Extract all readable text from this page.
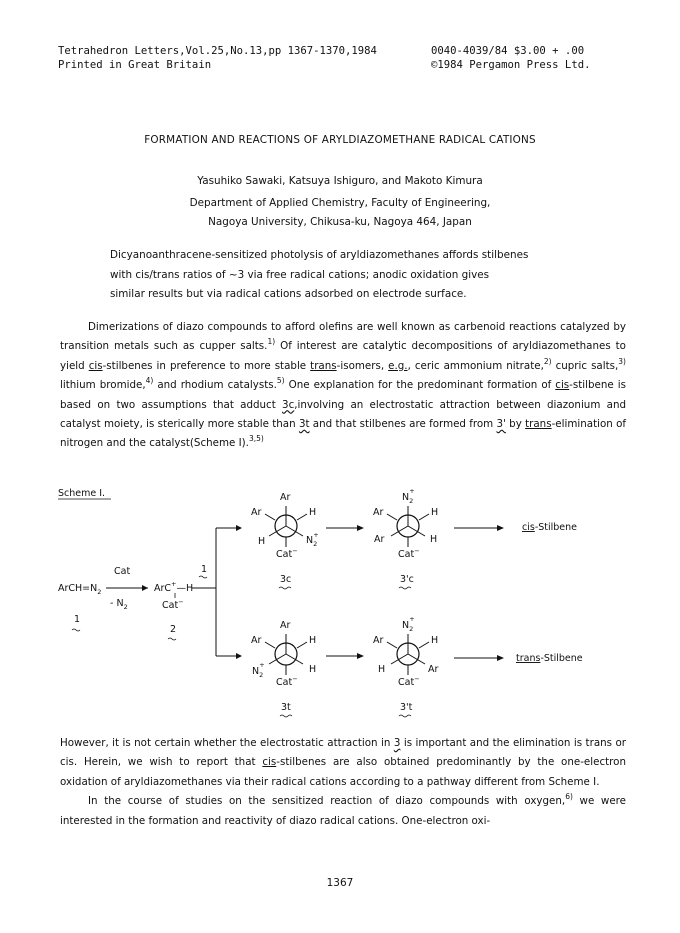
Tetrahedron Letters,Vol.25,No.13,pp 1367-1370,1984
Printed in Great Britain
0040-4039/84 $3.00 + .00
©1984 Pergamon Press Ltd.
FORMATION AND REACTIONS OF ARYLDIAZOMETHANE RADICAL CATIONS
Yasuhiko Sawaki, Katsuya Ishiguro, and Makoto Kimura
Department of Applied Chemistry, Faculty of Engineering,
Nagoya University, Chikusa-ku, Nagoya 464, Japan
Dicyanoanthracene-sensitized photolysis of aryldiazomethanes affords stilbenes
with cis/trans ratios of ~3 via free radical cations; anodic oxidation gives
similar results but via radical cations adsorbed on electrode surface.

Dimerizations of diazo compounds to afford olefins are well known as carbenoid reactions catalyzed by transition metals such as cupper salts.$^{1)}$ Of interest are catalytic decompositions of aryldiazomethanes to yield cis-stilbenes in preference to more stable trans-isomers, e.g., ceric ammonium nitrate,$^{2)}$ cupric salts,$^{3)}$ lithium bromide,$^{4)}$ and rhodium catalysts.$^{5)}$ One explanation for the predominant formation of cis-stilbene is based on two assumptions that adduct 3c,involving an electrostatic attraction between diazonium and catalyst moiety, is sterically more stable than 3t and that stilbenes are formed from 3' by trans-elimination of nitrogen and the catalyst(Scheme I).$^{3,5)}$

Scheme I.
$ArCH=N_2$
1
Cat
- $N_2$
ArC+—H
Cat−
2
1
Ar
Ar	H
H	$N_2+$
Cat−
3c
$N_2+$
Ar	H
Ar	H
Cat−
3'c
cis-Stilbene
Ar
Ar	H
$N_2+$	H
Cat−
3t
$N_2+$
Ar	H
H	Ar
Cat−
3't
trans-Stilbene

However, it is not certain whether the electrostatic attraction in 3 is important and the elimination is trans or cis. Herein, we wish to report that cis-stilbenes are also obtained predominantly by the one-electron oxidation of aryldiazomethanes via their radical cations according to a pathway different from Scheme I.

In the course of studies on the sensitized reaction of diazo compounds with oxygen,$^{6)}$ we were interested in the formation and reactivity of diazo radical cations. One-electron oxi-

1367
